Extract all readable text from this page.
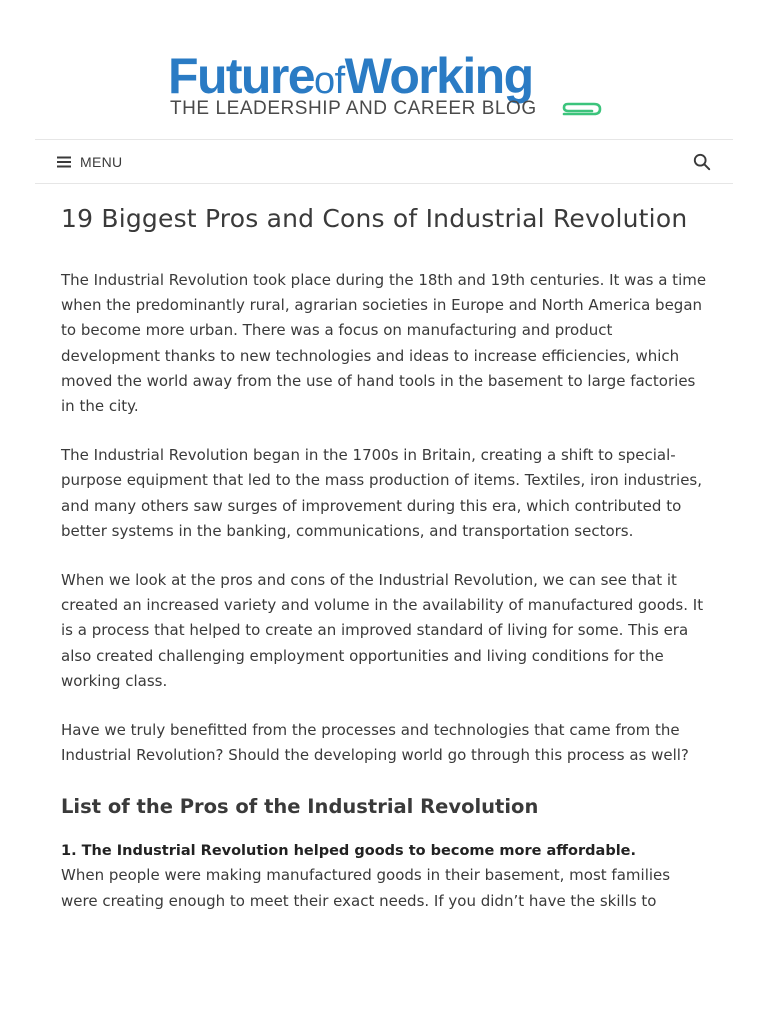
FutureofWorking
THE LEADERSHIP AND CAREER BLOG
MENU
19 Biggest Pros and Cons of Industrial Revolution

The Industrial Revolution took place during the 18th and 19th centuries. It was a time when the predominantly rural, agrarian societies in Europe and North America began to become more urban. There was a focus on manufacturing and product development thanks to new technologies and ideas to increase efficiencies, which moved the world away from the use of hand tools in the basement to large factories in the city.

The Industrial Revolution began in the 1700s in Britain, creating a shift to special-purpose equipment that led to the mass production of items. Textiles, iron industries, and many others saw surges of improvement during this era, which contributed to better systems in the banking, communications, and transportation sectors.

When we look at the pros and cons of the Industrial Revolution, we can see that it created an increased variety and volume in the availability of manufactured goods. It is a process that helped to create an improved standard of living for some. This era also created challenging employment opportunities and living conditions for the working class.

Have we truly benefitted from the processes and technologies that came from the Industrial Revolution? Should the developing world go through this process as well?

List of the Pros of the Industrial Revolution

1. The Industrial Revolution helped goods to become more affordable.

When people were making manufactured goods in their basement, most families were creating enough to meet their exact needs. If you didn’t have the skills to
